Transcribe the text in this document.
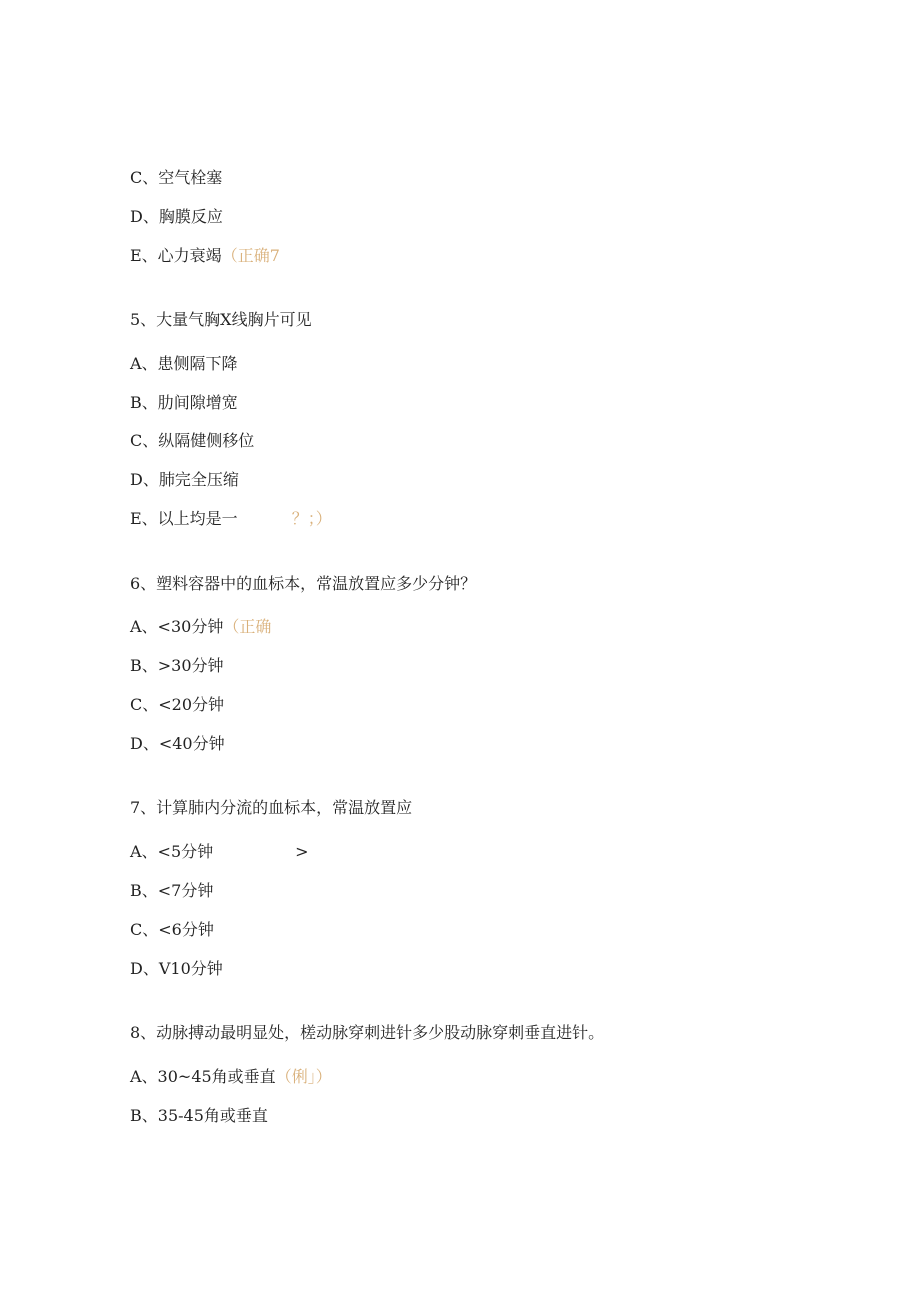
C、空气栓塞

D、胸膜反应

E、心力衰竭（正确7

5、大量气胸X线胸片可见

A、患侧隔下降

B、肋间隙增宽

C、纵隔健侧移位

D、肺完全压缩

E、以上均是一	？；）

6、塑料容器中的血标本，常温放置应多少分钟？

A、<30分钟（正确

B、>30分钟

C、<20分钟

D、<40分钟

7、计算肺内分流的血标本，常温放置应

A、<5分钟	>

B、<7分钟

C、<6分钟

D、V10分钟

8、动脉搏动最明显处，槎动脉穿刺进针多少股动脉穿刺垂直进针。

A、30~45角或垂直（俐」）

B、35-45角或垂直
